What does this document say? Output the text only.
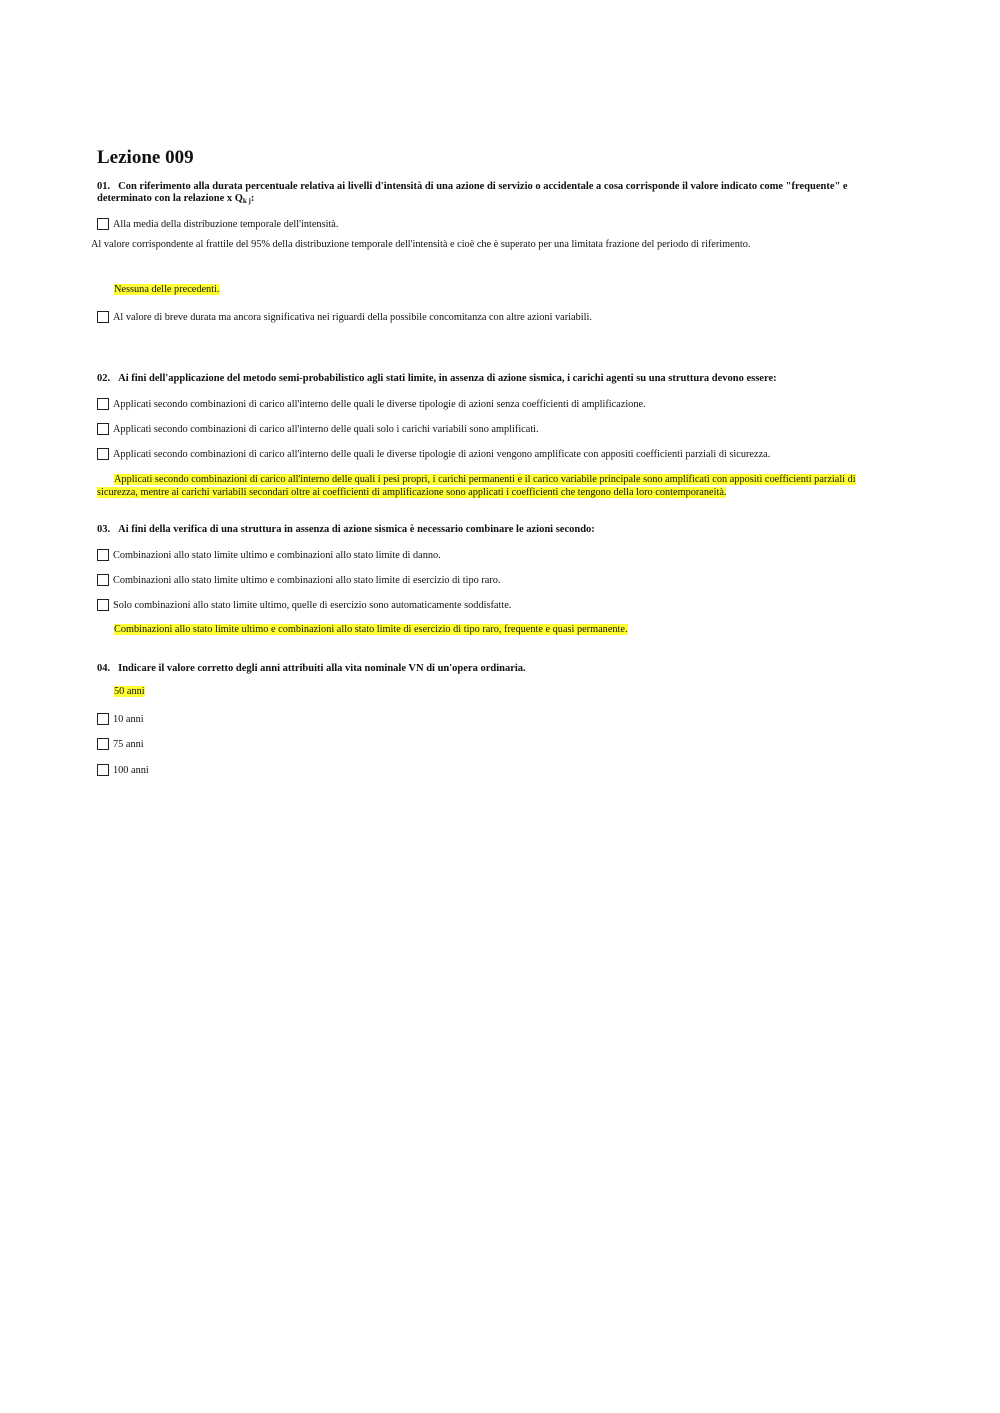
Lezione 009
01. Con riferimento alla durata percentuale relativa ai livelli d'intensità di una azione di servizio o accidentale a cosa corrisponde il valore indicato come "frequente" e determinato con la relazione x $Q_{k j}$:
Alla media della distribuzione temporale dell'intensità.
Al valore corrispondente al frattile del 95% della distribuzione temporale dell'intensità e cioè che è superato per una limitata frazione del periodo di riferimento.
Nessuna delle precedenti.
Al valore di breve durata ma ancora significativa nei riguardi della possibile concomitanza con altre azioni variabili.
02. Ai fini dell'applicazione del metodo semi-probabilistico agli stati limite, in assenza di azione sismica, i carichi agenti su una struttura devono essere:
Applicati secondo combinazioni di carico all'interno delle quali le diverse tipologie di azioni senza coefficienti di amplificazione.
Applicati secondo combinazioni di carico all'interno delle quali solo i carichi variabili sono amplificati.
Applicati secondo combinazioni di carico all'interno delle quali le diverse tipologie di azioni vengono amplificate con appositi coefficienti parziali di sicurezza.
Applicati secondo combinazioni di carico all'interno delle quali i pesi propri, i carichi permanenti e il carico variabile principale sono amplificati con appositi coefficienti parziali di sicurezza, mentre ai carichi variabili secondari oltre ai coefficienti di amplificazione sono applicati i coefficienti che tengono della loro contemporaneità.
03. Ai fini della verifica di una struttura in assenza di azione sismica è necessario combinare le azioni secondo:
Combinazioni allo stato limite ultimo e combinazioni allo stato limite di danno.
Combinazioni allo stato limite ultimo e combinazioni allo stato limite di esercizio di tipo raro.
Solo combinazioni allo stato limite ultimo, quelle di esercizio sono automaticamente soddisfatte.
Combinazioni allo stato limite ultimo e combinazioni allo stato limite di esercizio di tipo raro, frequente e quasi permanente.
04. Indicare il valore corretto degli anni attribuiti alla vita nominale VN di un'opera ordinaria.
50 anni
10 anni
75 anni
100 anni
